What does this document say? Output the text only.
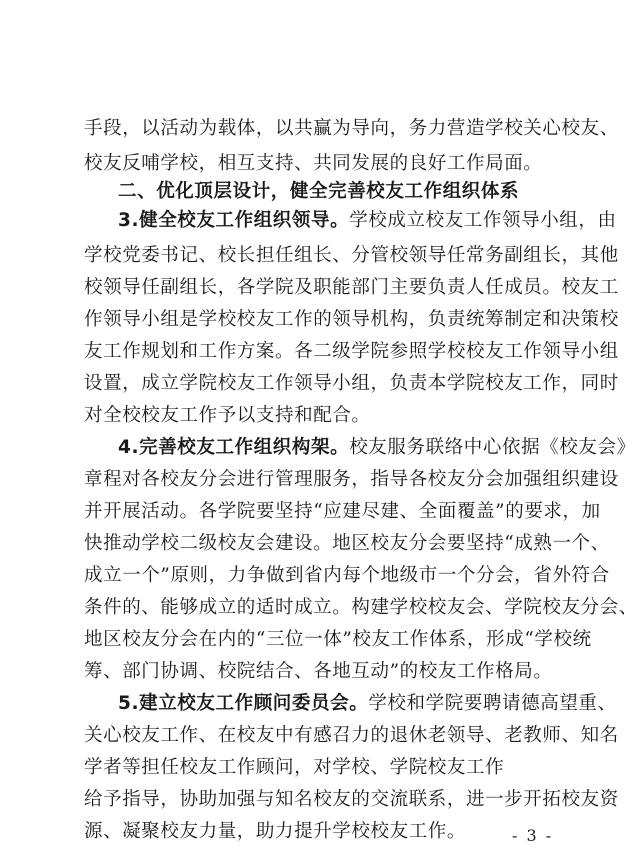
手段，以活动为载体，以共赢为导向，务力营造学校关心校友、
校友反哺学校，相互支持、共同发展的良好工作局面。
二、优化顶层设计，健全完善校友工作组织体系
3.健全校友工作组织领导。学校成立校友工作领导小组，由
学校党委书记、校长担任组长、分管校领导任常务副组长，其他
校领导任副组长，各学院及职能部门主要负责人任成员。校友工
作领导小组是学校校友工作的领导机构，负责统筹制定和决策校
友工作规划和工作方案。各二级学院参照学校校友工作领导小组
设置，成立学院校友工作领导小组，负责本学院校友工作，同时
对全校校友工作予以支持和配合。
4.完善校友工作组织构架。校友服务联络中心依据《校友会》
章程对各校友分会进行管理服务，指导各校友分会加强组织建设
并开展活动。各学院要坚持“应建尽建、全面覆盖”的要求，加
快推动学校二级校友会建设。地区校友分会要坚持“成熟一个、
成立一个”原则，力争做到省内每个地级市一个分会，省外符合
条件的、能够成立的适时成立。构建学校校友会、学院校友分会、
地区校友分会在内的“三位一体”校友工作体系，形成“学校统
筹、部门协调、校院结合、各地互动”的校友工作格局。
5.建立校友工作顾问委员会。学校和学院要聘请德高望重、
关心校友工作、在校友中有感召力的退休老领导、老教师、知名
学者等担任校友工作顾问，对学校、学院校友工作
给予指导，协助加强与知名校友的交流联系，进一步开拓校友资
源、凝聚校友力量，助力提升学校校友工作。	- 3 -
